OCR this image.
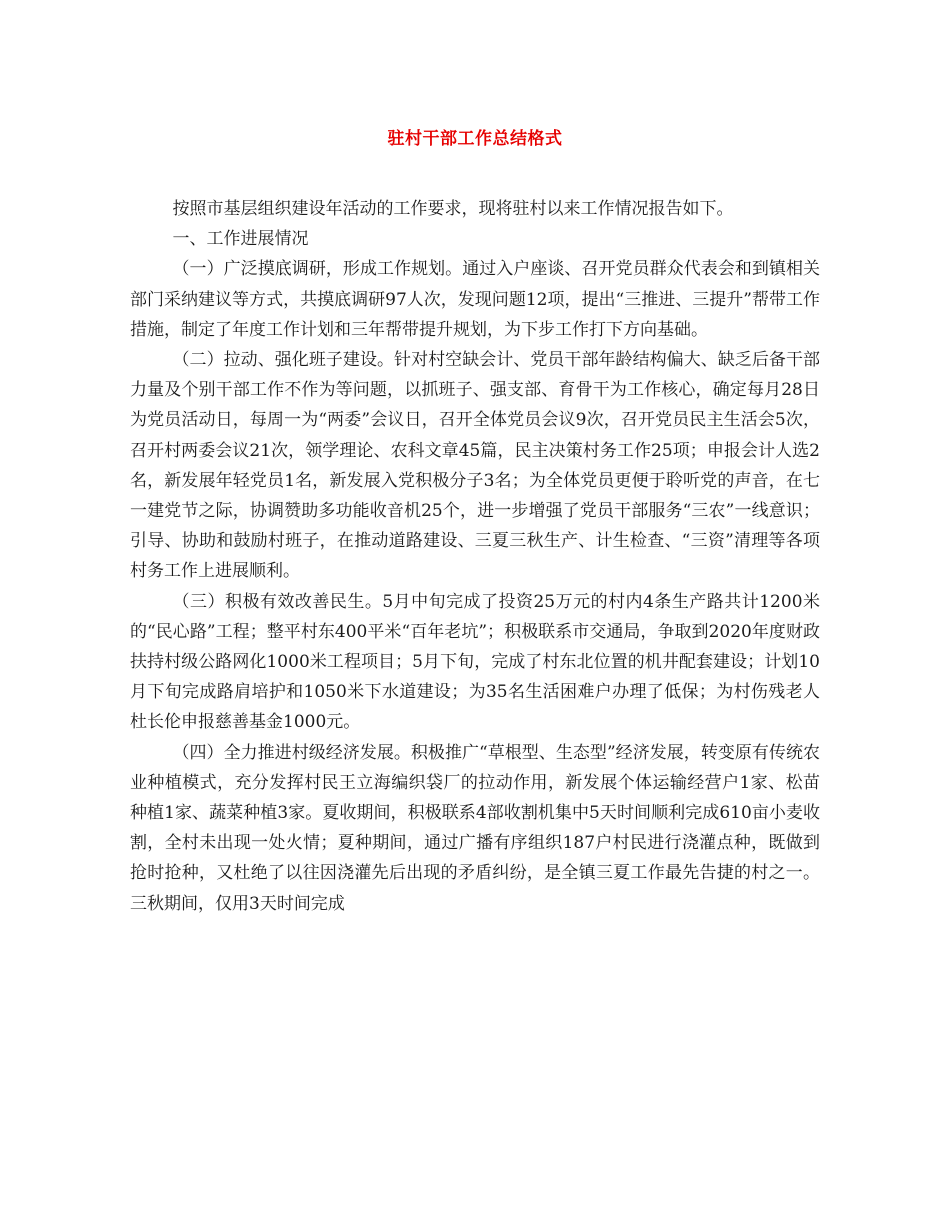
驻村干部工作总结格式

按照市基层组织建设年活动的工作要求，现将驻村以来工作情况报告如下。

一、工作进展情况

（一）广泛摸底调研，形成工作规划。通过入户座谈、召开党员群众代表会和到镇相关部门采纳建议等方式，共摸底调研97人次，发现问题12项，提出“三推进、三提升”帮带工作措施，制定了年度工作计划和三年帮带提升规划，为下步工作打下方向基础。

（二）拉动、强化班子建设。针对村空缺会计、党员干部年龄结构偏大、缺乏后备干部力量及个别干部工作不作为等问题，以抓班子、强支部、育骨干为工作核心，确定每月28日为党员活动日，每周一为“两委”会议日，召开全体党员会议9次，召开党员民主生活会5次，召开村两委会议21次，领学理论、农科文章45篇，民主决策村务工作25项；申报会计人选2名，新发展年轻党员1名，新发展入党积极分子3名；为全体党员更便于聆听党的声音，在七一建党节之际，协调赞助多功能收音机25个，进一步增强了党员干部服务“三农”一线意识；引导、协助和鼓励村班子，在推动道路建设、三夏三秋生产、计生检查、“三资”清理等各项村务工作上进展顺利。

（三）积极有效改善民生。5月中旬完成了投资25万元的村内4条生产路共计1200米的“民心路”工程；整平村东400平米“百年老坑”；积极联系市交通局，争取到2020年度财政扶持村级公路网化1000米工程项目；5月下旬，完成了村东北位置的机井配套建设；计划10月下旬完成路肩培护和1050米下水道建设；为35名生活困难户办理了低保；为村伤残老人杜长伦申报慈善基金1000元。

（四）全力推进村级经济发展。积极推广“草根型、生态型”经济发展，转变原有传统农业种植模式，充分发挥村民王立海编织袋厂的拉动作用，新发展个体运输经营户1家、松苗种植1家、蔬菜种植3家。夏收期间，积极联系4部收割机集中5天时间顺利完成610亩小麦收割，全村未出现一处火情；夏种期间，通过广播有序组织187户村民进行浇灌点种，既做到抢时抢种，又杜绝了以往因浇灌先后出现的矛盾纠纷，是全镇三夏工作最先告捷的村之一。三秋期间，仅用3天时间完成
